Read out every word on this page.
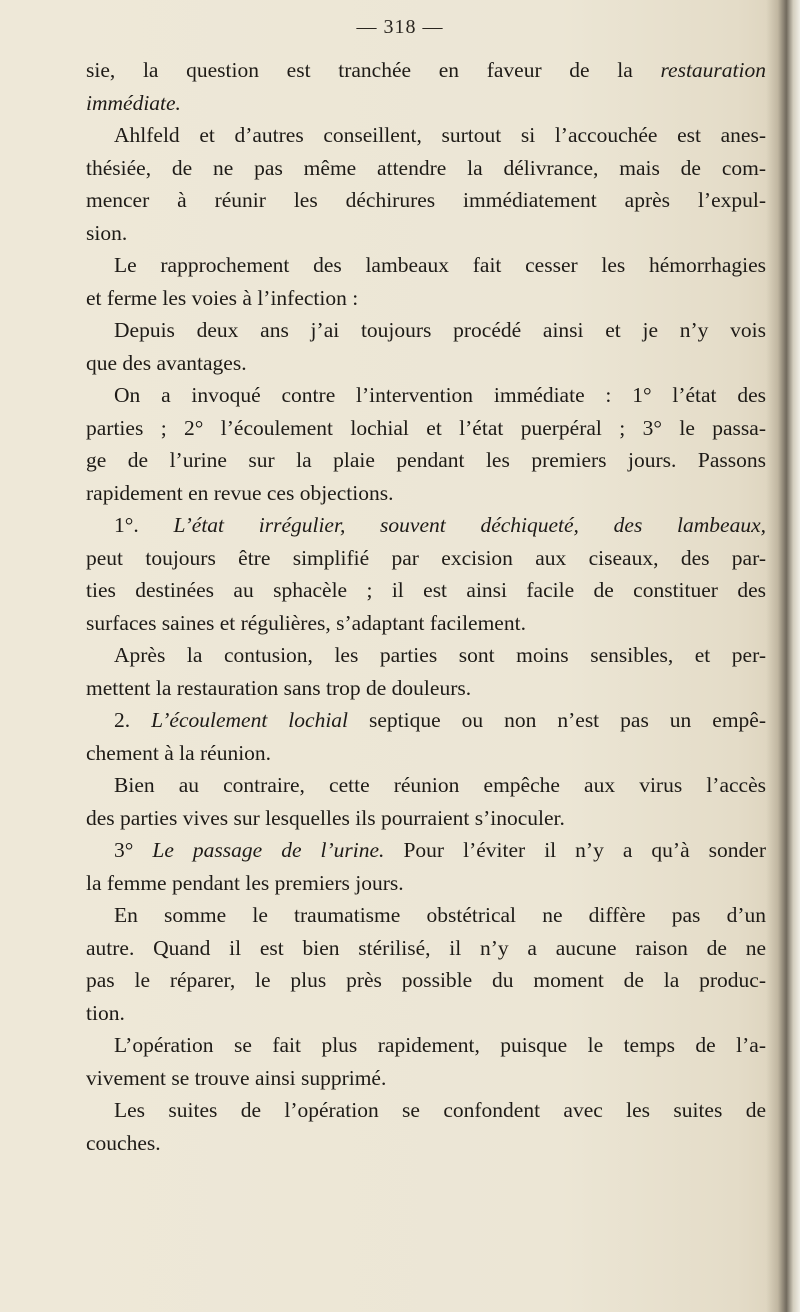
— 318 —
sie, la question est tranchée en faveur de la restauration
immédiate.
Ahlfeld et d’autres conseillent, surtout si l’accouchée est anes-
thésiée, de ne pas même attendre la délivrance, mais de com-
mencer à réunir les déchirures immédiatement après l’expul-
sion.
Le rapprochement des lambeaux fait cesser les hémorrhagies
et ferme les voies à l’infection :
Depuis deux ans j’ai toujours procédé ainsi et je n’y vois
que des avantages.
On a invoqué contre l’intervention immédiate : 1° l’état des
parties ; 2° l’écoulement lochial et l’état puerpéral ; 3° le passa-
ge de l’urine sur la plaie pendant les premiers jours. Passons
rapidement en revue ces objections.
1°. L’état irrégulier, souvent déchiqueté, des lambeaux,
peut toujours être simplifié par excision aux ciseaux, des par-
ties destinées au sphacèle ; il est ainsi facile de constituer des
surfaces saines et régulières, s’adaptant facilement.
Après la contusion, les parties sont moins sensibles, et per-
mettent la restauration sans trop de douleurs.
2. L’écoulement lochial septique ou non n’est pas un empê-
chement à la réunion.
Bien au contraire, cette réunion empêche aux virus l’accès
des parties vives sur lesquelles ils pourraient s’inoculer.
3° Le passage de l’urine. Pour l’éviter il n’y a qu’à sonder
la femme pendant les premiers jours.
En somme le traumatisme obstétrical ne diffère pas d’un
autre. Quand il est bien stérilisé, il n’y a aucune raison de ne
pas le réparer, le plus près possible du moment de la produc-
tion.
L’opération se fait plus rapidement, puisque le temps de l’a-
vivement se trouve ainsi supprimé.
Les suites de l’opération se confondent avec les suites de
couches.
